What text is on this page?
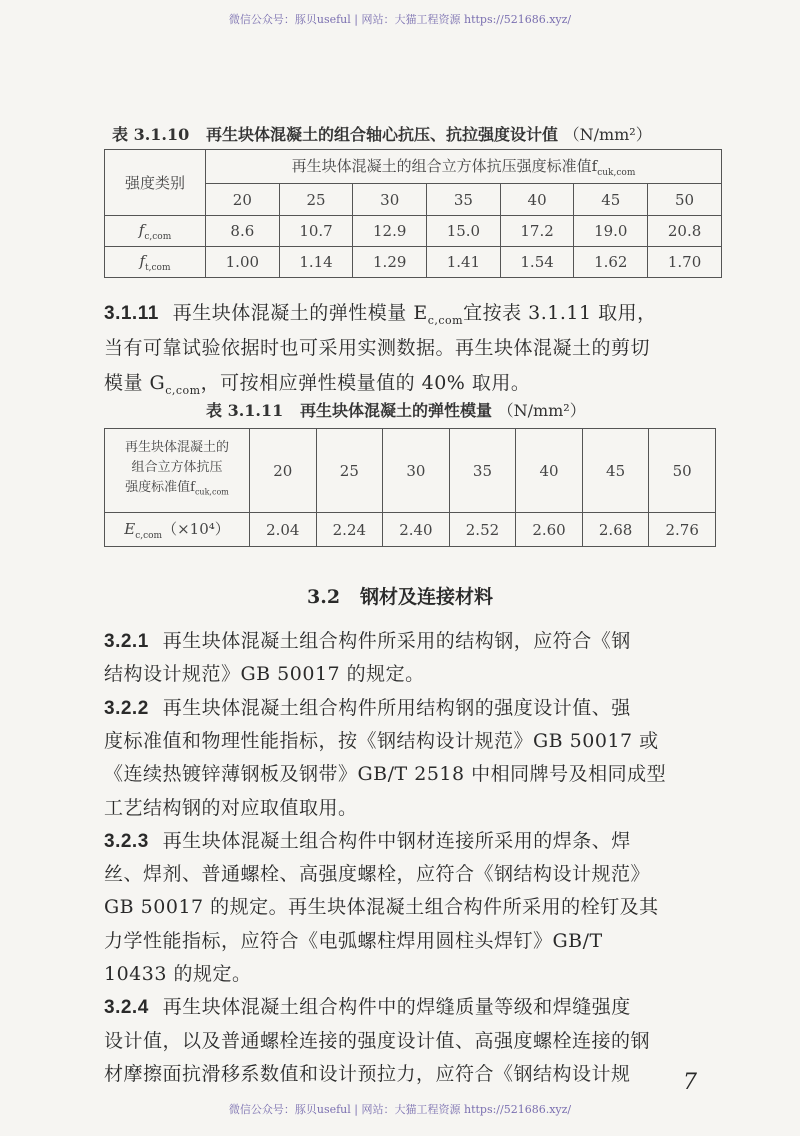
微信公众号：豚贝useful | 网站：大猫工程资源 https://521686.xyz/
表 3.1.10 再生块体混凝土的组合轴心抗压、抗拉强度设计值 （N/mm²）
强度类别	再生块体混凝土的组合立方体抗压强度标准值$f_{cuk,com}$
	20	25	30	35	40	45	50
$f_{c,com}$	8.6	10.7	12.9	15.0	17.2	19.0	20.8
$f_{t,com}$	1.00	1.14	1.29	1.41	1.54	1.62	1.70
3.1.11 再生块体混凝土的弹性模量 $E_{c,com}$宜按表 3.1.11 取用，
当有可靠试验依据时也可采用实测数据。再生块体混凝土的剪切
模量 $G_{c,com}$，可按相应弹性模量值的 40% 取用。
表 3.1.11 再生块体混凝土的弹性模量 （N/mm²）
再生块体混凝土的
组合立方体抗压
强度标准值$f_{cuk,com}$	20	25	30	35	40	45	50
$E_{c,com}(\times 10^4)$	2.04	2.24	2.40	2.52	2.60	2.68	2.76
3.2 钢材及连接材料
3.2.1 再生块体混凝土组合构件所采用的结构钢，应符合《钢
结构设计规范》GB 50017 的规定。
3.2.2 再生块体混凝土组合构件所用结构钢的强度设计值、强
度标准值和物理性能指标，按《钢结构设计规范》GB 50017 或
《连续热镀锌薄钢板及钢带》GB/T 2518 中相同牌号及相同成型
工艺结构钢的对应取值取用。
3.2.3 再生块体混凝土组合构件中钢材连接所采用的焊条、焊
丝、焊剂、普通螺栓、高强度螺栓，应符合《钢结构设计规范》
GB 50017 的规定。再生块体混凝土组合构件所采用的栓钉及其
力学性能指标，应符合《电弧螺柱焊用圆柱头焊钉》GB/T
10433 的规定。
3.2.4 再生块体混凝土组合构件中的焊缝质量等级和焊缝强度
设计值，以及普通螺栓连接的强度设计值、高强度螺栓连接的钢
材摩擦面抗滑移系数值和设计预拉力，应符合《钢结构设计规	7
微信公众号：豚贝useful | 网站：大猫工程资源 https://521686.xyz/
